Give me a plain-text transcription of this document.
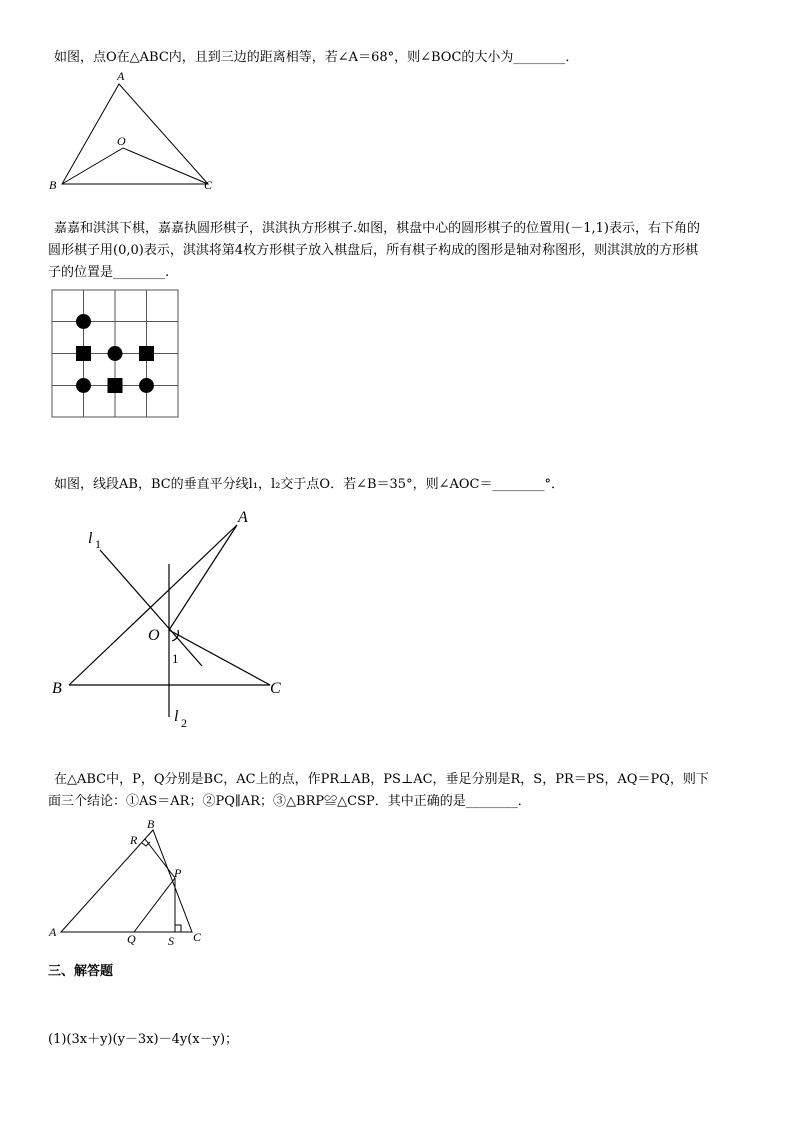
如图，点O在△ABC内，且到三边的距离相等，若∠A＝68°，则∠BOC的大小为________．
A
B	C
O
嘉嘉和淇淇下棋，嘉嘉执圆形棋子，淇淇执方形棋子.如图，棋盘中心的圆形棋子的位置用(－1,1)表示，右下角的
圆形棋子用(0,0)表示，淇淇将第4枚方形棋子放入棋盘后，所有棋子构成的图形是轴对称图形，则淇淇放的方形棋
子的位置是________.
如图，线段AB，BC的垂直平分线l₁，l₂交于点O．若∠B＝35°，则∠AOC＝________°．
A
B	C
O
1
l 1
l 2
在△ABC中，P，Q分别是BC，AC上的点，作PR⊥AB，PS⊥AC，垂足分别是R，S，PR＝PS，AQ＝PQ，则下
面三个结论：①AS＝AR；②PQ∥AR；③△BRP≌△CSP．其中正确的是________．
A
B
C
P
Q
R
S
三、解答题
(1)(3x＋y)(y－3x)－4y(x－y)；
